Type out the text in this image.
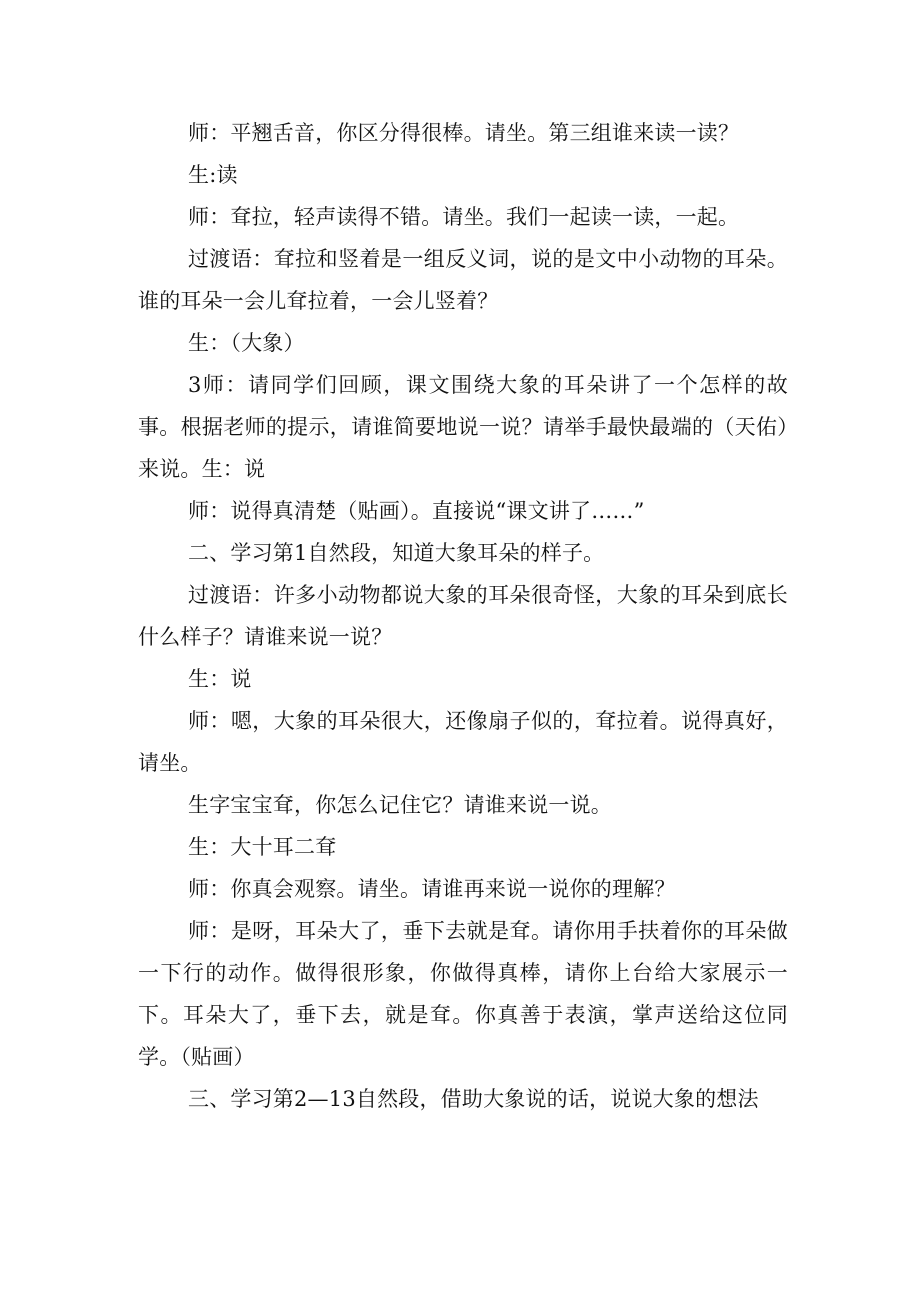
师：平翘舌音，你区分得很棒。请坐。第三组谁来读一读？

生:读

师：耷拉，轻声读得不错。请坐。我们一起读一读，一起。

过渡语：耷拉和竖着是一组反义词，说的是文中小动物的耳朵。谁的耳朵一会儿耷拉着，一会儿竖着？

生：（大象）

3师：请同学们回顾，课文围绕大象的耳朵讲了一个怎样的故事。根据老师的提示，请谁简要地说一说？请举手最快最端的（天佑）来说。生：说

师：说得真清楚（贴画）。直接说“课文讲了……”

二、学习第1自然段，知道大象耳朵的样子。

过渡语：许多小动物都说大象的耳朵很奇怪，大象的耳朵到底长什么样子？请谁来说一说？

生：说

师：嗯，大象的耳朵很大，还像扇子似的，耷拉着。说得真好，请坐。

生字宝宝耷，你怎么记住它？请谁来说一说。

生：大十耳二耷

师：你真会观察。请坐。请谁再来说一说你的理解？

师：是呀，耳朵大了，垂下去就是耷。请你用手扶着你的耳朵做一下行的动作。做得很形象，你做得真棒，请你上台给大家展示一下。耳朵大了，垂下去，就是耷。你真善于表演，掌声送给这位同学。（贴画）

三、学习第2—13自然段，借助大象说的话，说说大象的想法
